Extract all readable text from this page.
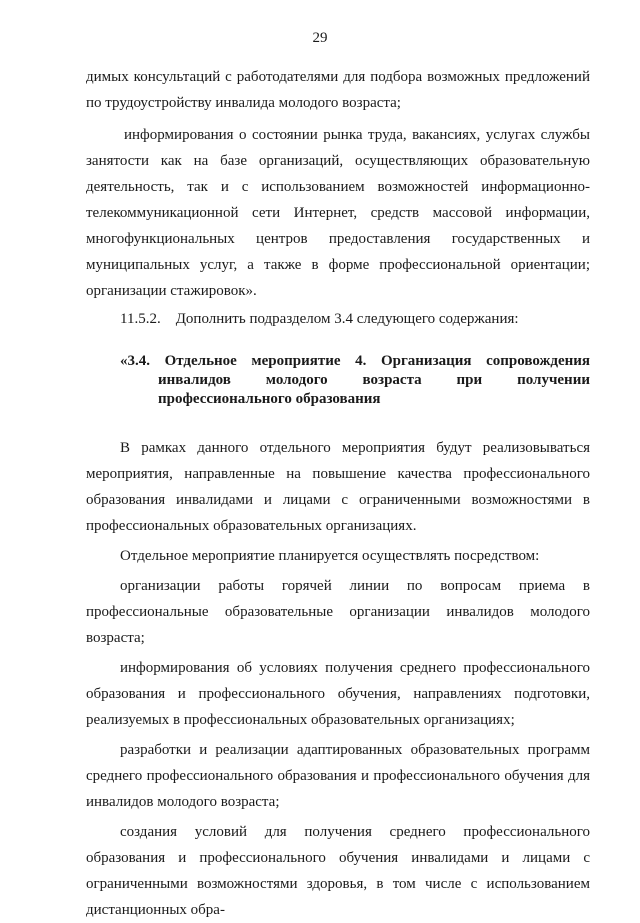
29

димых консультаций с работодателями для подбора возможных предложений по трудоустройству инвалида молодого возраста;

информирования о состоянии рынка труда, вакансиях, услугах службы занятости как на базе организаций, осуществляющих образовательную деятельность, так и с использованием возможностей информационно-телекоммуникационной сети Интернет, средств массовой информации, многофункциональных центров предоставления государственных и муниципальных услуг, а также в форме профессиональной ориентации; организации стажировок».

11.5.2. Дополнить подразделом 3.4 следующего содержания:

«3.4. Отдельное мероприятие 4. Организация сопровождения инвалидов молодого возраста при получении профессионального образования

В рамках данного отдельного мероприятия будут реализовываться мероприятия, направленные на повышение качества профессионального образования инвалидами и лицами с ограниченными возможностями в профессиональных образовательных организациях.

Отдельное мероприятие планируется осуществлять посредством:

организации работы горячей линии по вопросам приема в профессиональные образовательные организации инвалидов молодого возраста;

информирования об условиях получения среднего профессионального образования и профессионального обучения, направлениях подготовки, реализуемых в профессиональных образовательных организациях;

разработки и реализации адаптированных образовательных программ среднего профессионального образования и профессионального обучения для инвалидов молодого возраста;

создания условий для получения среднего профессионального образования и профессионального обучения инвалидами и лицами с ограниченными возможностями здоровья, в том числе с использованием дистанционных обра-
